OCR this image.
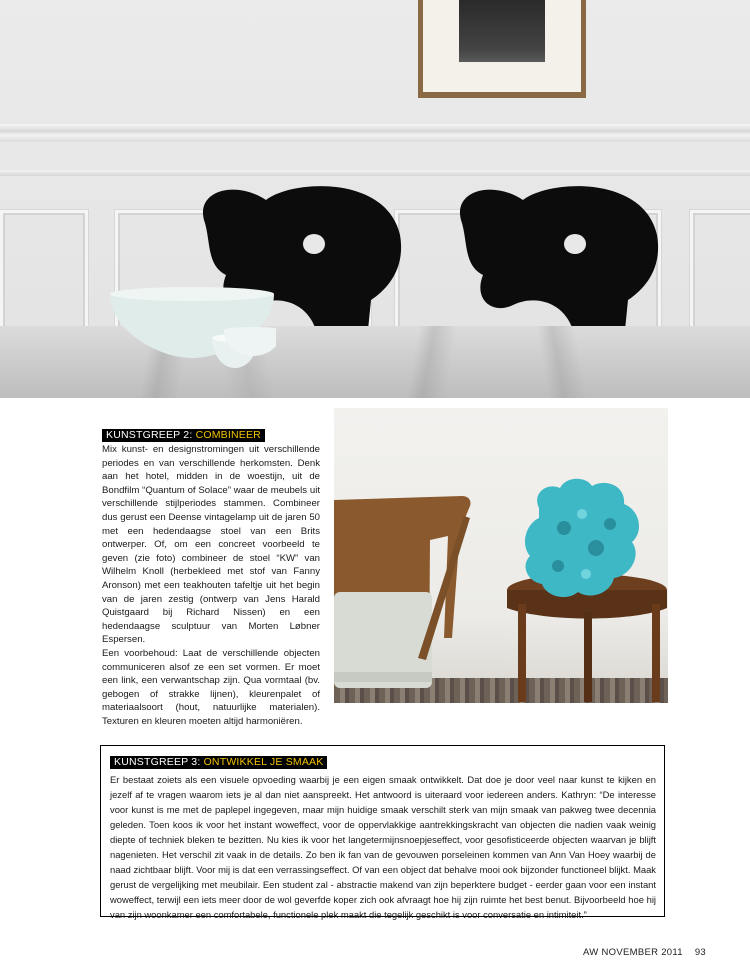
KUNSTGREEP 2: COMBINEER

Mix kunst- en designstromingen uit verschillende periodes en van verschillende herkomsten. Denk aan het hotel, midden in de woestijn, uit de Bondfilm “Quantum of Solace” waar de meubels uit verschillende stijlperiodes stammen. Combineer dus gerust een Deense vintagelamp uit de jaren 50 met een hedendaagse stoel van een Brits ontwerper. Of, om een concreet voorbeeld te geven (zie foto) combineer de stoel “KW” van Wilhelm Knoll (herbekleed met stof van Fanny Aronson) met een teakhouten tafeltje uit het begin van de jaren zestig (ontwerp van Jens Harald Quistgaard bij Richard Nissen) en een hedendaagse sculptuur van Morten Løbner Espersen.

Een voorbehoud: Laat de verschillende objecten communiceren alsof ze een set vormen. Er moet een link, een verwantschap zijn. Qua vormtaal (bv. gebogen of strakke lijnen), kleurenpalet of materiaalsoort (hout, natuurlijke materialen). Texturen en kleuren moeten altijd harmoniëren.

KUNSTGREEP 3: ONTWIKKEL JE SMAAK

Er bestaat zoiets als een visuele opvoeding waarbij je een eigen smaak ontwikkelt. Dat doe je door veel naar kunst te kijken en jezelf af te vragen waarom iets je al dan niet aanspreekt. Het antwoord is uiteraard voor iedereen anders. Kathryn: “De interesse voor kunst is me met de paplepel ingegeven, maar mijn huidige smaak verschilt sterk van mijn smaak van pakweg twee decennia geleden. Toen koos ik voor het instant woweffect, voor de oppervlakkige aantrekkingskracht van objecten die nadien vaak weinig diepte of techniek bleken te bezitten. Nu kies ik voor het langetermijnsnoepjeseffect, voor gesofisticeerde objecten waarvan je blijft nagenieten. Het verschil zit vaak in de details. Zo ben ik fan van de gevouwen porseleinen kommen van Ann Van Hoey waarbij de naad zichtbaar blijft. Voor mij is dat een verrassingseffect. Of van een object dat behalve mooi ook bijzonder functioneel blijkt. Maak gerust de vergelijking met meubilair. Een student zal - abstractie makend van zijn beperktere budget - eerder gaan voor een instant woweffect, terwijl een iets meer door de wol geverfde koper zich ook afvraagt hoe hij zijn ruimte het best benut. Bijvoorbeeld hoe hij van zijn woonkamer een comfortabele, functionele plek maakt die tegelijk geschikt is voor conversatie en intimiteit.”

AW NOVEMBER 2011 93
